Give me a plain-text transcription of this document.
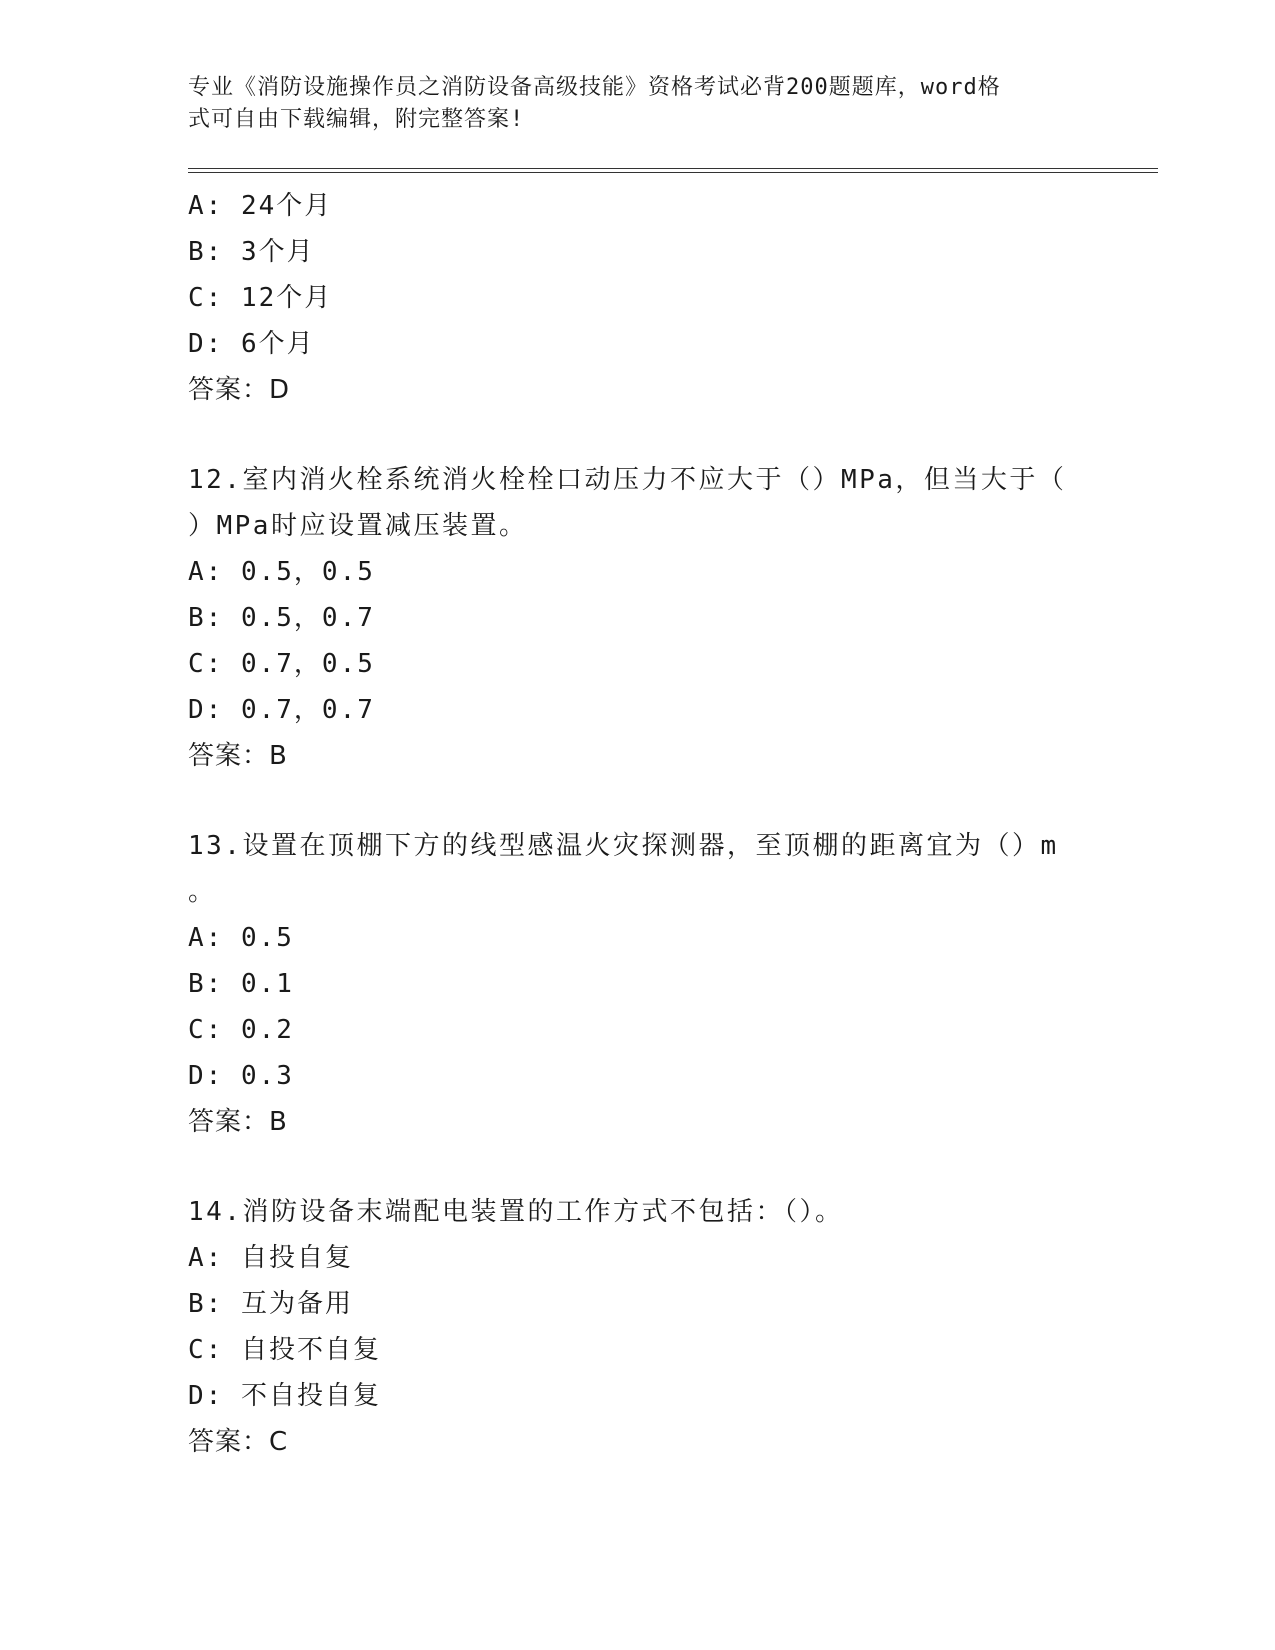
专业《消防设施操作员之消防设备高级技能》资格考试必背200题题库，word格
式可自由下载编辑，附完整答案!
A: 24个月
B: 3个月
C: 12个月
D: 6个月
答案：D
12.室内消火栓系统消火栓栓口动压力不应大于（）MPa，但当大于（
）MPa时应设置减压装置。
A: 0.5，0.5
B: 0.5，0.7
C: 0.7，0.5
D: 0.7，0.7
答案：B
13.设置在顶棚下方的线型感温火灾探测器，至顶棚的距离宜为（）m
。
A: 0.5
B: 0.1
C: 0.2
D: 0.3
答案：B
14.消防设备末端配电装置的工作方式不包括：（）。
A: 自投自复
B: 互为备用
C: 自投不自复
D: 不自投自复
答案：C
